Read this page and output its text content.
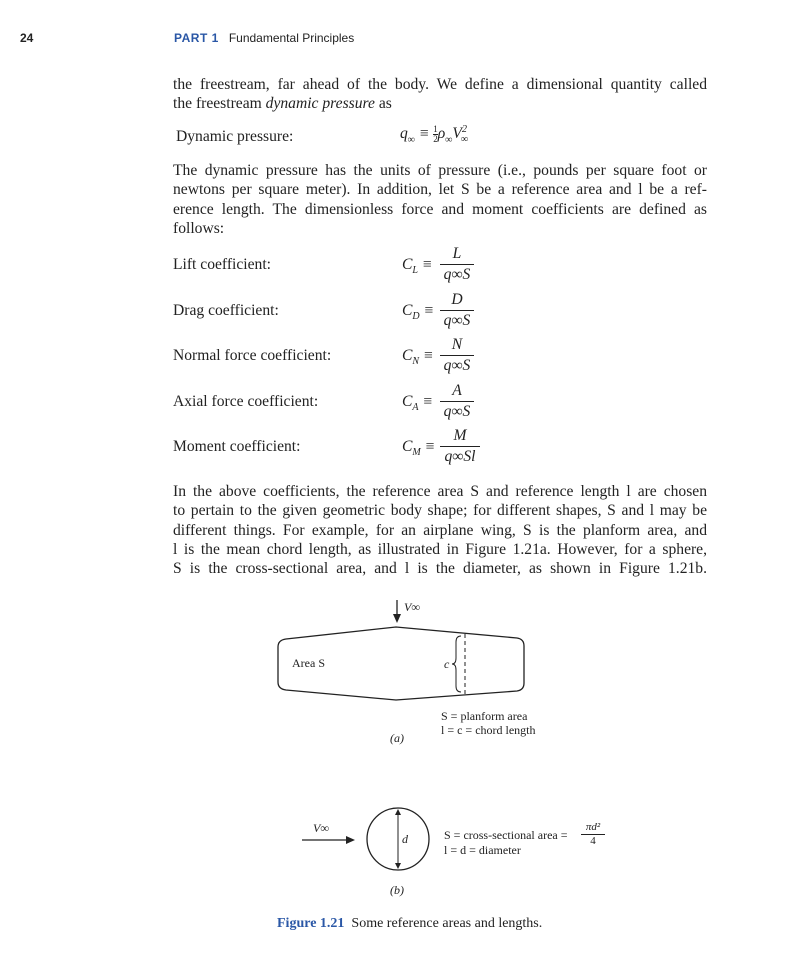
24	PART 1 Fundamental Principles
the freestream, far ahead of the body. We define a dimensional quantity called
the freestream dynamic pressure as
Dynamic pressure:	$q_\infty \equiv \frac{1}{2} \rho_\infty V^2_\infty$
The dynamic pressure has the units of pressure (i.e., pounds per square foot or
newtons per square meter). In addition, let S be a reference area and l be a ref-
erence length. The dimensionless force and moment coefficients are defined as
follows:
Lift coefficient:	$C_L$ ≡
L
q∞S
Drag coefficient:	$C_D$ ≡
D
q∞S
Normal force coefficient:	$C_N$ ≡
N
q∞S
Axial force coefficient:	$C_A$ ≡
A
q∞S
Moment coefficient:	$C_M$ ≡
M
q∞Sl
In the above coefficients, the reference area S and reference length l are chosen
to pertain to the given geometric body shape; for different shapes, S and l may be
different things. For example, for an airplane wing, S is the planform area, and
l is the mean chord length, as illustrated in Figure 1.21a. However, for a sphere,
S is the cross-sectional area, and l is the diameter, as shown in Figure 1.21b.
V∞
Area S	c
S = planform area
l = c = chord length
(a)
V∞
d	S = cross-sectional area =
πd²
4
l = d = diameter
(b)
Figure 1.21 Some reference areas and lengths.
